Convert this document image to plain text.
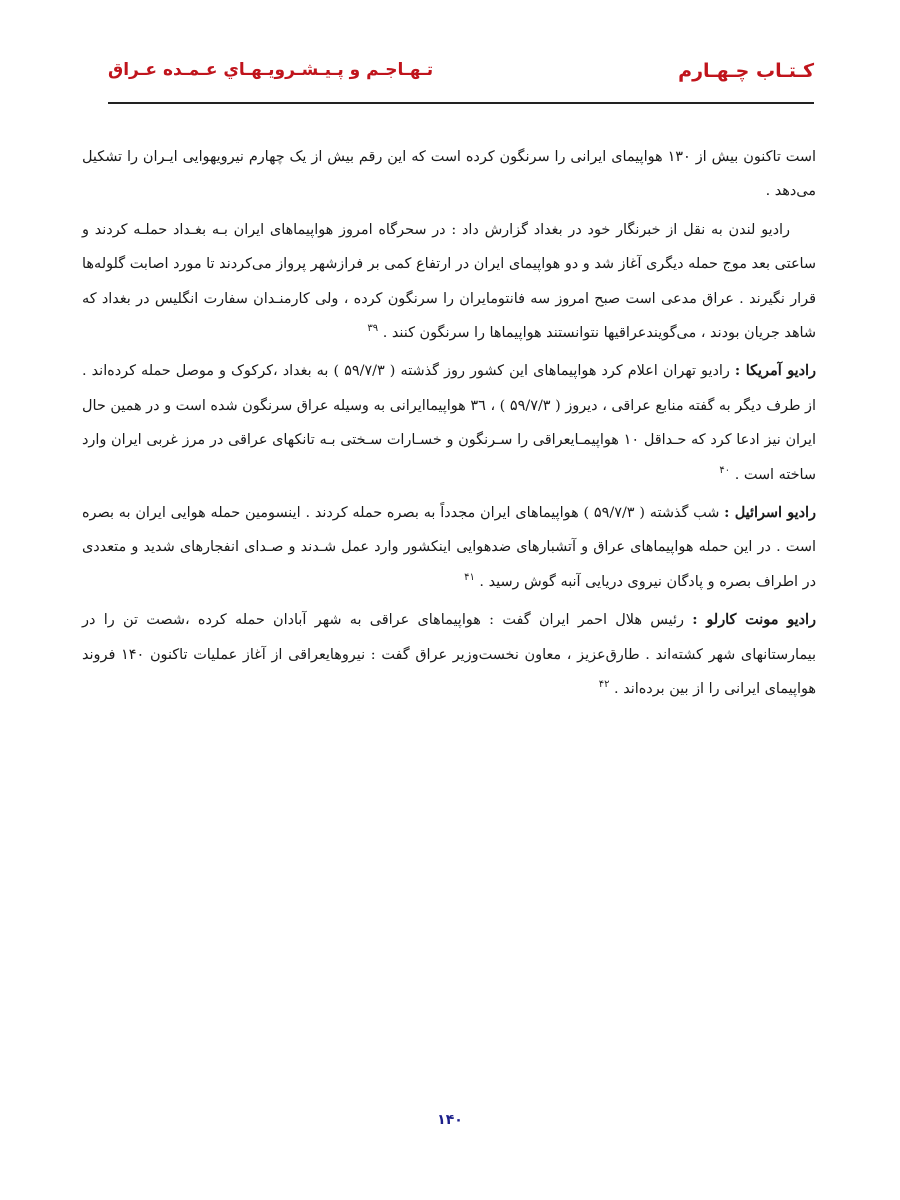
كـتـاب چـهـارم
تـهـاجـم و پـيـشـرويـهـاي عـمـده عـراق

است تاکنون بیش از ۱۳۰ هواپیمای ایرانی را سرنگون کرده است که این رقم بیش از یک چهارم نیرویهوایی ایـران را تشکیل می‌دهد .

رادیو لندن به نقل از خبرنگار خود در بغداد گزارش داد : در سحرگاه امروز هواپیماهای ایران بـه بغـداد حملـه کردند و ساعتی بعد موج حمله دیگری آغاز شد و دو هواپیمای ایران در ارتفاع کمی بر فرازشهر پرواز می‌کردند تا مورد اصابت گلوله‌ها قرار نگیرند . عراق مدعی است صبح امروز سه فانتومایران را سرنگون کرده ، ولی کارمنـدان سفارت انگلیس در بغداد که شاهد جریان بودند ، می‌گویندعراقیها نتوانستند هواپیماها را سرنگون کنند . $^{۳۹}$

رادیو آمریکا : رادیو تهران اعلام کرد هواپیماهای این کشور روز گذشته ( ۵۹/۷/۳ ) به بغداد ،کرکوک و موصل حمله کرده‌اند . از طرف دیگر به گفته منابع عراقی ، دیروز ( ۵۹/۷/۳ ) ، ٣٦ هواپیماایرانی به وسیله عراق سرنگون شده است و در همین حال ایران نیز ادعا کرد که حـداقل ۱۰ هواپیمـایعراقی را سـرنگون و خسـارات سـختی بـه تانکهای عراقی در مرز غربی ایران وارد ساخته است . $^{۴۰}$

رادیو اسرائیل : شب گذشته ( ۵۹/۷/۳ ) هواپیماهای ایران مجدداً به بصره حمله کردند . اینسومین حمله هوایی ایران به بصره است . در این حمله هواپیماهای عراق و آتشبارهای ضدهوایی اینکشور وارد عمل شـدند و صـدای انفجارهای شدید و متعددی در اطراف بصره و پادگان نیروی دریایی آنبه گوش رسید . $^{۴۱}$

رادیو مونت کارلو : رئیس هلال احمر ایران گفت : هواپیماهای عراقی به شهر آبادان حمله کرده ،شصت تن را در بیمارستانهای شهر کشته‌اند . طارق‌عزیز ، معاون نخست‌وزیر عراق گفت : نیروهایعراقی از آغاز عملیات تاکنون ۱۴۰ فروند هواپیمای ایرانی را از بین برده‌اند . $^{۴۲}$

۱۴۰
